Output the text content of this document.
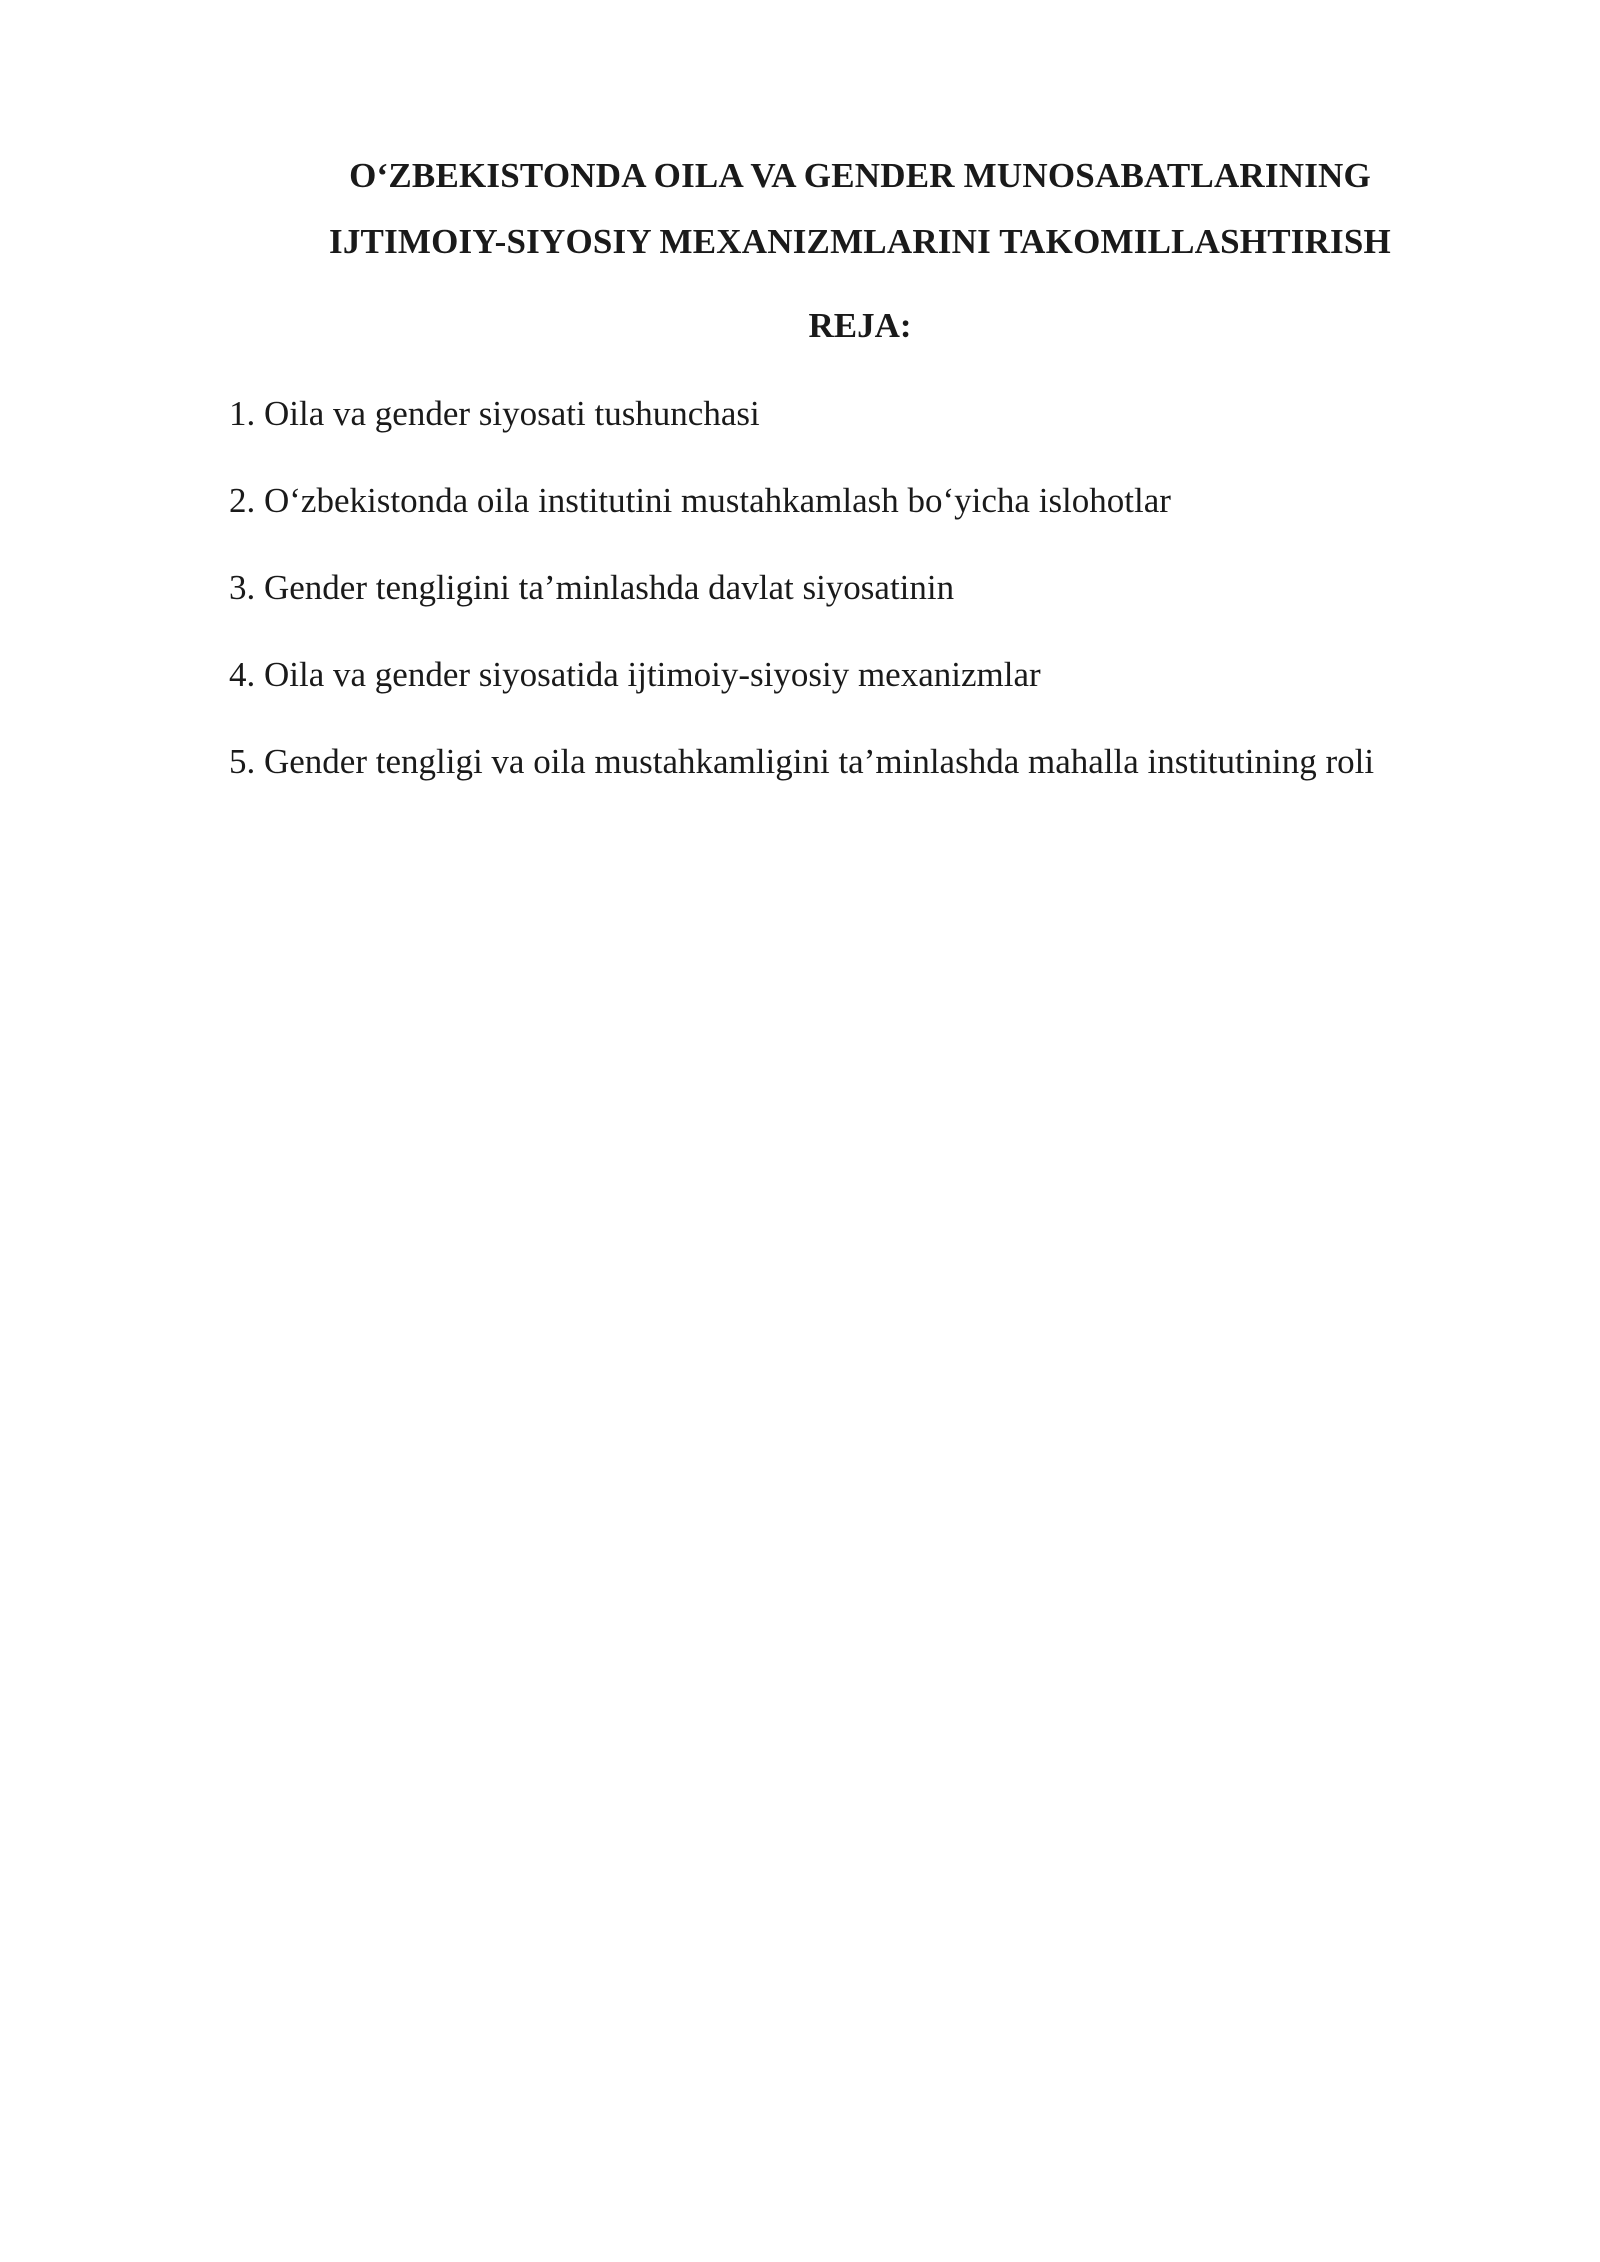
O‘ZBEKISTONDA OILA VA GENDER MUNOSABATLARINING
IJTIMOIY-SIYOSIY MEXANIZMLARINI TAKOMILLASHTIRISH
REJA:
1. Oila va gender siyosati tushunchasi
2. O‘zbekistonda oila institutini mustahkamlash bo‘yicha islohotlar
3. Gender tengligini ta’minlashda davlat siyosatinin
4. Oila va gender siyosatida ijtimoiy-siyosiy mexanizmlar
5. Gender tengligi va oila mustahkamligini ta’minlashda mahalla institutining roli
